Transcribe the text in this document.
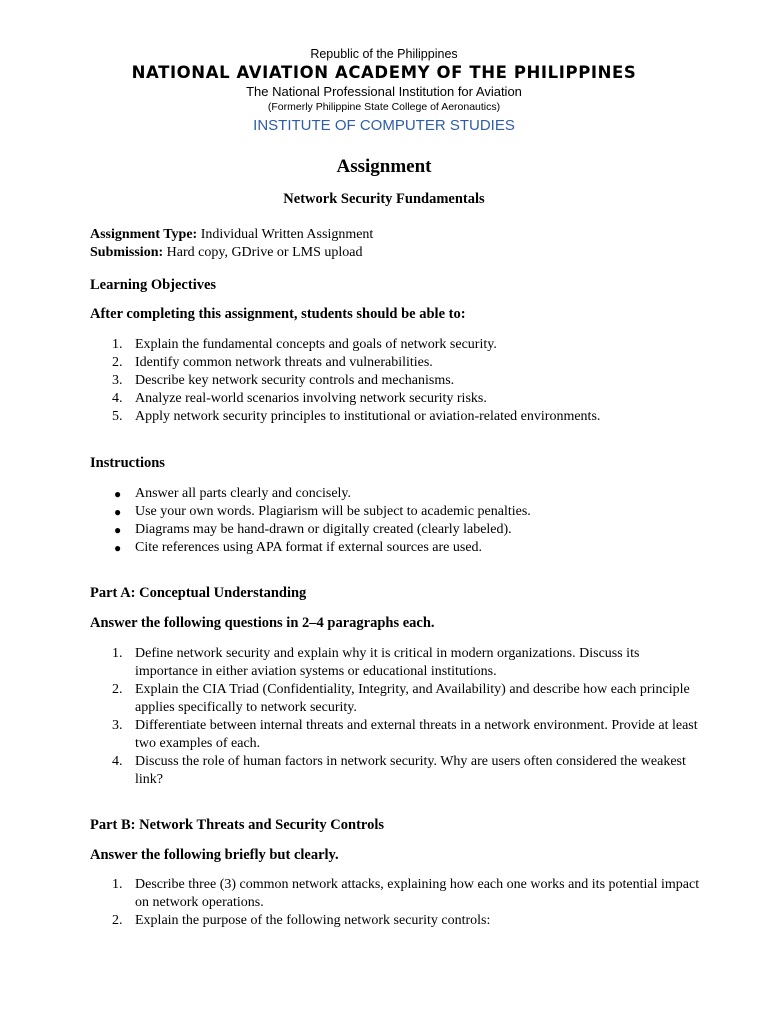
Republic of the Philippines
NATIONAL AVIATION ACADEMY OF THE PHILIPPINES
The National Professional Institution for Aviation
(Formerly Philippine State College of Aeronautics)
INSTITUTE OF COMPUTER STUDIES
Assignment
Network Security Fundamentals
Assignment Type: Individual Written Assignment
Submission: Hard copy, GDrive or LMS upload
Learning Objectives
After completing this assignment, students should be able to:
1. Explain the fundamental concepts and goals of network security.
2. Identify common network threats and vulnerabilities.
3. Describe key network security controls and mechanisms.
4. Analyze real-world scenarios involving network security risks.
5. Apply network security principles to institutional or aviation-related environments.
Instructions
● Answer all parts clearly and concisely.
● Use your own words. Plagiarism will be subject to academic penalties.
● Diagrams may be hand-drawn or digitally created (clearly labeled).
● Cite references using APA format if external sources are used.
Part A: Conceptual Understanding
Answer the following questions in 2–4 paragraphs each.
1. Define network security and explain why it is critical in modern organizations. Discuss its importance in either aviation systems or educational institutions.
2. Explain the CIA Triad (Confidentiality, Integrity, and Availability) and describe how each principle applies specifically to network security.
3. Differentiate between internal threats and external threats in a network environment. Provide at least two examples of each.
4. Discuss the role of human factors in network security. Why are users often considered the weakest link?
Part B: Network Threats and Security Controls
Answer the following briefly but clearly.
1. Describe three (3) common network attacks, explaining how each one works and its potential impact on network operations.
2. Explain the purpose of the following network security controls:
